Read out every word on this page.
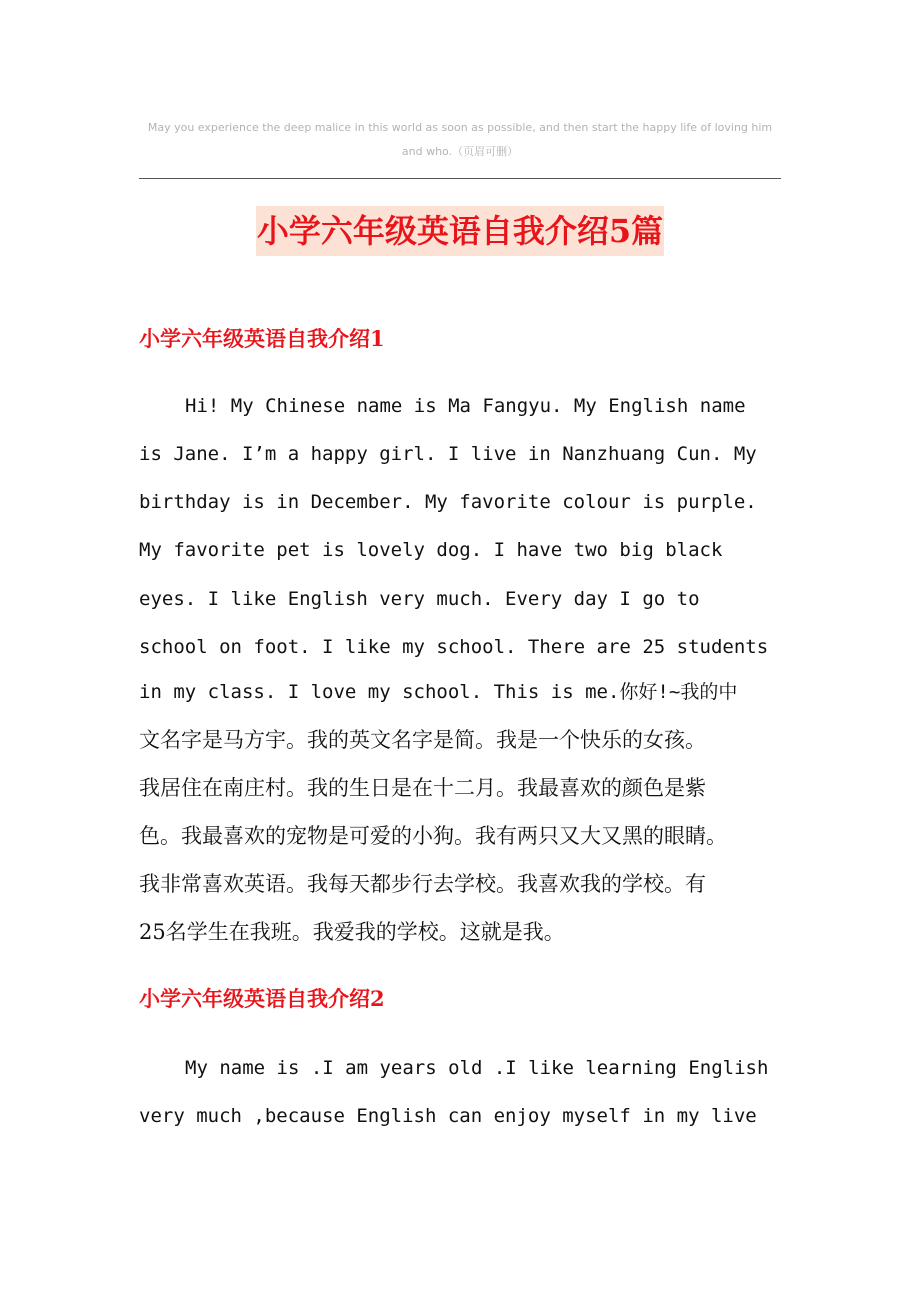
May you experience the deep malice in this world as soon as possible, and then start the happy life of loving him
and who.（页眉可删）
小学六年级英语自我介绍5篇
小学六年级英语自我介绍1
Hi! My Chinese name is Ma Fangyu. My English name
is Jane. I’m a happy girl. I live in Nanzhuang Cun. My
birthday is in December. My favorite colour is purple.
My favorite pet is lovely dog. I have two big black
eyes. I like English very much. Every day I go to
school on foot. I like my school. There are 25 students
in my class. I love my school. This is me.你好!~我的中
文名字是马方宇。我的英文名字是简。我是一个快乐的女孩。
我居住在南庄村。我的生日是在十二月。我最喜欢的颜色是紫
色。我最喜欢的宠物是可爱的小狗。我有两只又大又黑的眼睛。
我非常喜欢英语。我每天都步行去学校。我喜欢我的学校。有
25名学生在我班。我爱我的学校。这就是我。
小学六年级英语自我介绍2
My name is .I am years old .I like learning English
very much ,because English can enjoy myself in my live
